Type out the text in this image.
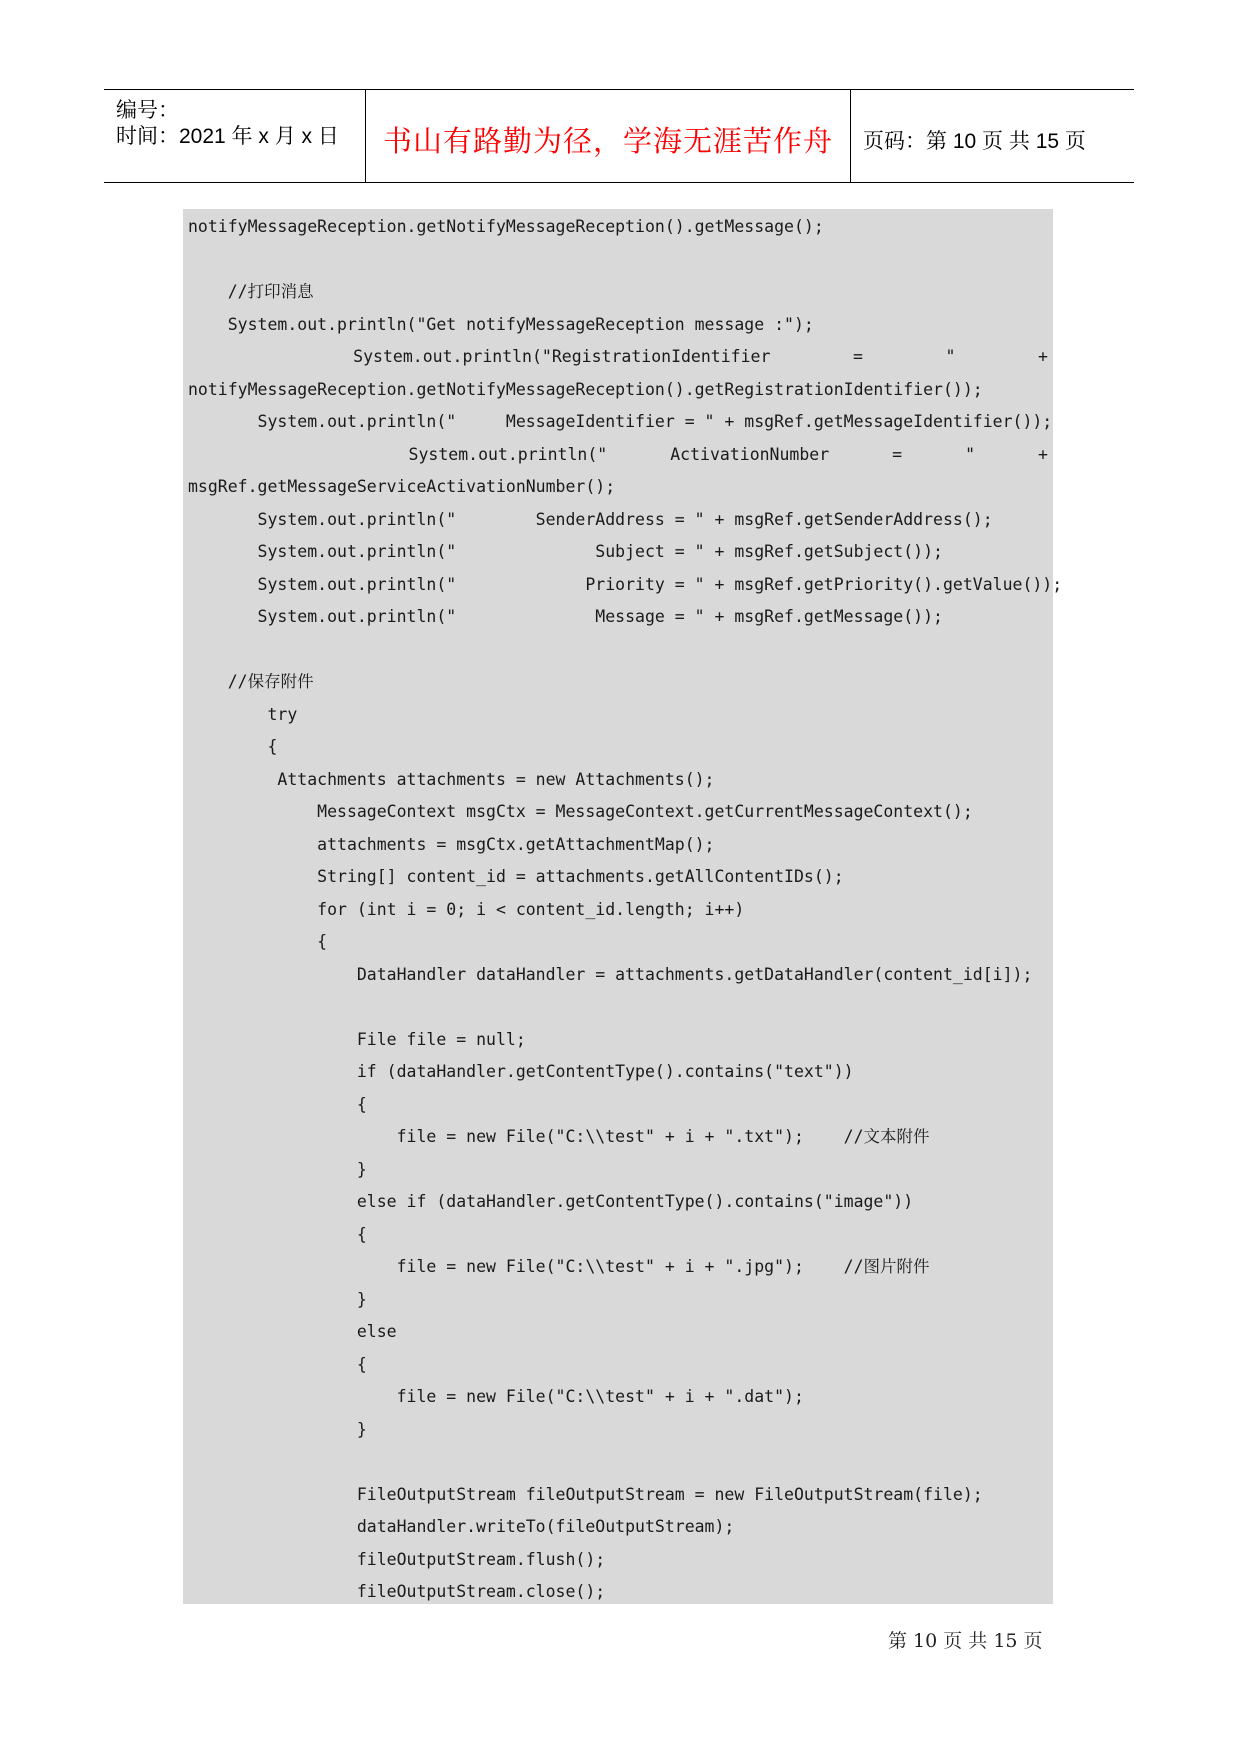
编号：
时间：2021 年 x 月 x 日	书山有路勤为径，学海无涯苦作舟	页码：第 10 页 共 15 页
notifyMessageReception.getNotifyMessageReception().getMessage();
//打印消息
System.out.println("Get notifyMessageReception message :");
System.out.println("RegistrationIdentifier  =  "  +
notifyMessageReception.getNotifyMessageReception().getRegistrationIdentifier());
System.out.println("     MessageIdentifier = " + msgRef.getMessageIdentifier());
System.out.println("  ActivationNumber  =  "  +
msgRef.getMessageServiceActivationNumber();
System.out.println("        SenderAddress = " + msgRef.getSenderAddress();
System.out.println("              Subject = " + msgRef.getSubject());
System.out.println("             Priority = " + msgRef.getPriority().getValue());
System.out.println("              Message = " + msgRef.getMessage());
//保存附件
try
{
Attachments attachments = new Attachments();
MessageContext msgCtx = MessageContext.getCurrentMessageContext();
attachments = msgCtx.getAttachmentMap();
String[] content_id = attachments.getAllContentIDs();
for (int i = 0; i < content_id.length; i++)
{
DataHandler dataHandler = attachments.getDataHandler(content_id[i]);
File file = null;
if (dataHandler.getContentType().contains("text"))
{
file = new File("C:\\test" + i + ".txt");    //文本附件
}
else if (dataHandler.getContentType().contains("image"))
{
file = new File("C:\\test" + i + ".jpg");    //图片附件
}
else
{
file = new File("C:\\test" + i + ".dat");
}
FileOutputStream fileOutputStream = new FileOutputStream(file);
dataHandler.writeTo(fileOutputStream);
fileOutputStream.flush();
fileOutputStream.close();
第 10 页 共 15 页
